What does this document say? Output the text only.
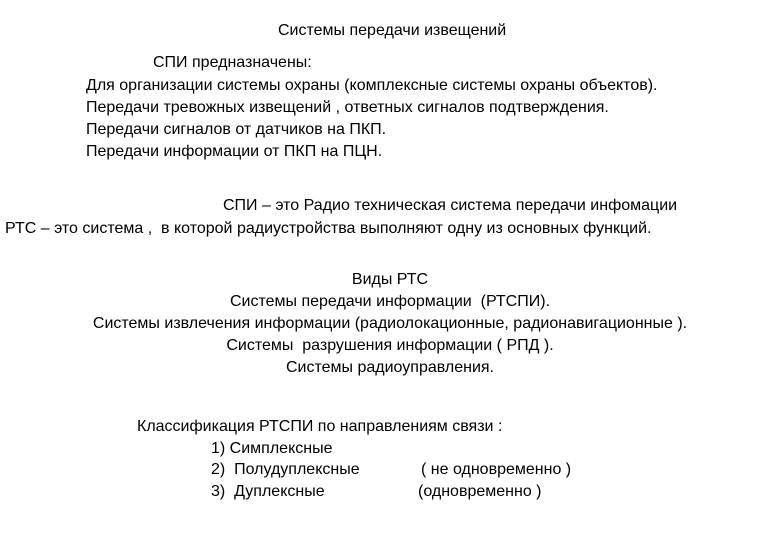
Системы передачи извещений
СПИ предназначены:
Для организации системы охраны (комплексные системы охраны объектов).
Передачи тревожных извещений , ответных сигналов подтверждения.
Передачи сигналов от датчиков на ПКП.
Передачи информации от ПКП на ПЦН.
СПИ – это Радио техническая система передачи инфомации
РТС – это система ,  в которой радиустройства выполняют одну из основных функций.
Виды РТС
Системы передачи информации  (РТСПИ).
Системы извлечения информации (радиолокационные, радионавигационные ).
Системы  разрушения информации ( РПД ).
Системы радиоуправления.
Классификация РТСПИ по направлениям связи :
1) Симплексные
2)  Полудуплексные	( не одновременно )
3)  Дуплексные	(одновременно )
